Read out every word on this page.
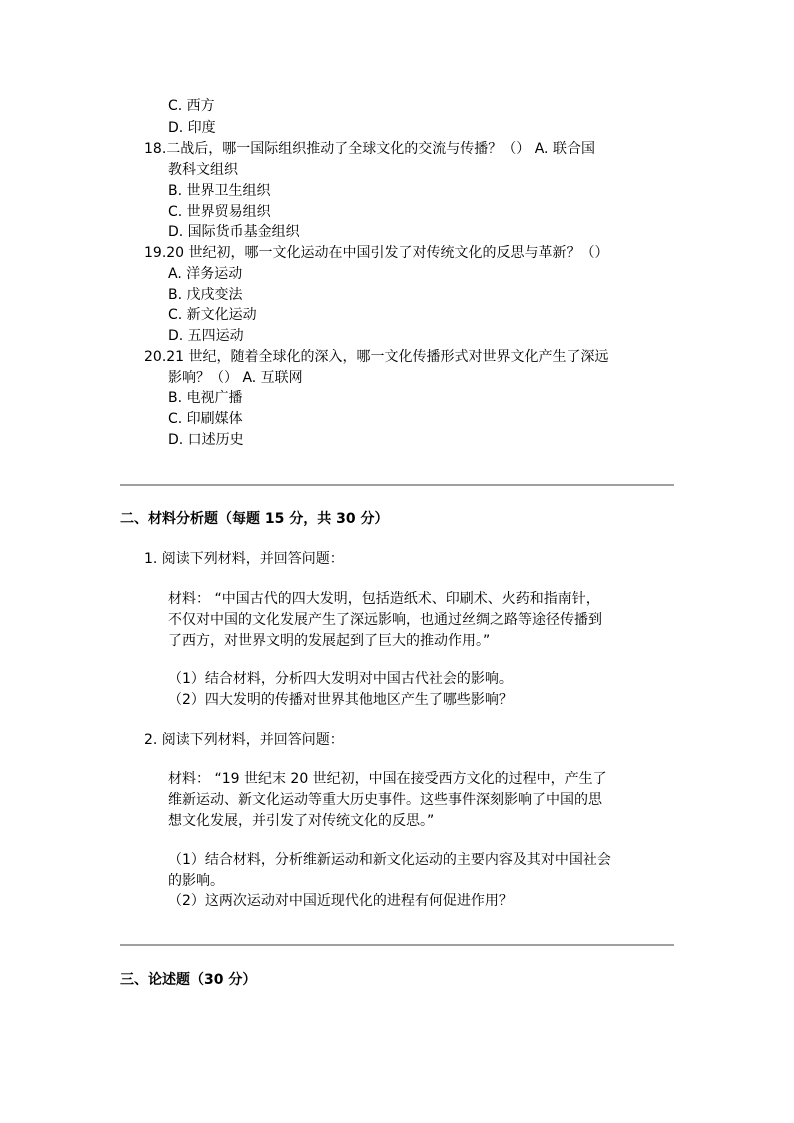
C. 西方
D. 印度
18.二战后，哪一国际组织推动了全球文化的交流与传播？（） A. 联合国
教科文组织
B. 世界卫生组织
C. 世界贸易组织
D. 国际货币基金组织
19.20 世纪初，哪一文化运动在中国引发了对传统文化的反思与革新？（）
A. 洋务运动
B. 戊戌变法
C. 新文化运动
D. 五四运动
20.21 世纪，随着全球化的深入，哪一文化传播形式对世界文化产生了深远
影响？（） A. 互联网
B. 电视广播
C. 印刷媒体
D. 口述历史
二、材料分析题（每题 15 分，共 30 分）
1. 阅读下列材料，并回答问题：
材料： “中国古代的四大发明，包括造纸术、印刷术、火药和指南针，
不仅对中国的文化发展产生了深远影响，也通过丝绸之路等途径传播到
了西方，对世界文明的发展起到了巨大的推动作用。”
（1）结合材料，分析四大发明对中国古代社会的影响。
（2）四大发明的传播对世界其他地区产生了哪些影响？
2. 阅读下列材料，并回答问题：
材料： “19 世纪末 20 世纪初，中国在接受西方文化的过程中，产生了
维新运动、新文化运动等重大历史事件。这些事件深刻影响了中国的思
想文化发展，并引发了对传统文化的反思。”
（1）结合材料，分析维新运动和新文化运动的主要内容及其对中国社会
的影响。
（2）这两次运动对中国近现代化的进程有何促进作用？
三、论述题（30 分）
